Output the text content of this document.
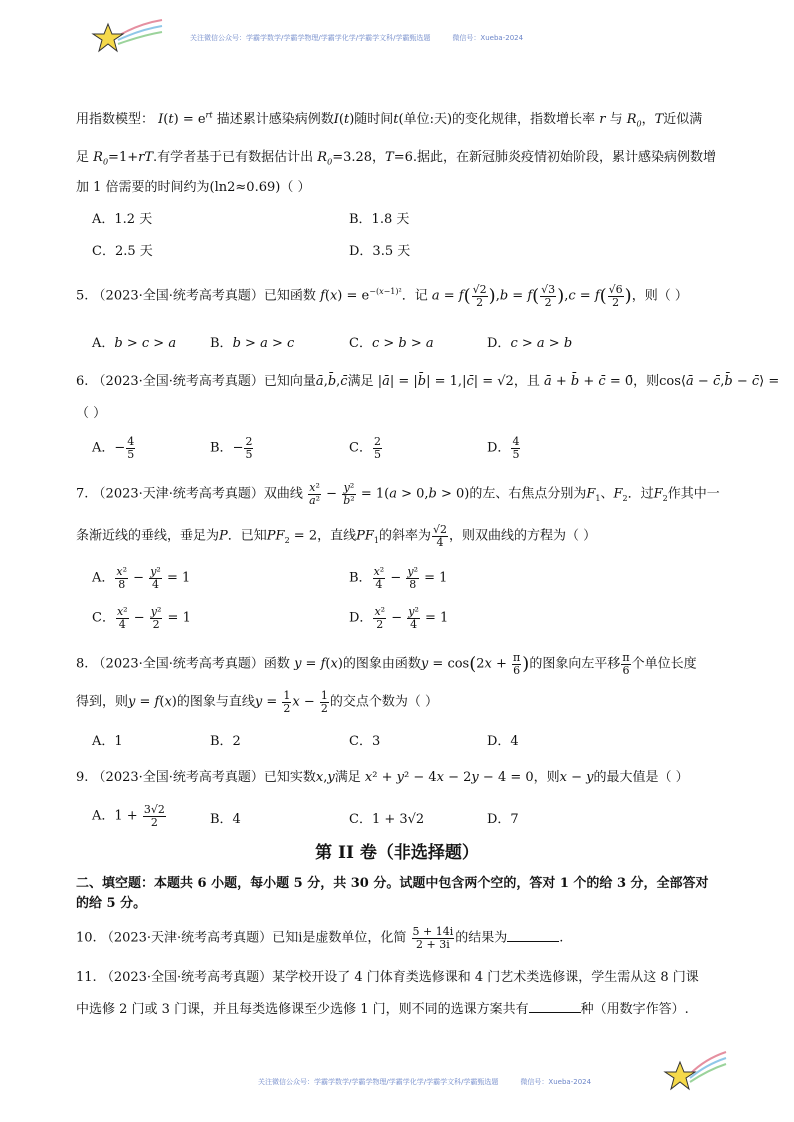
关注微信公众号：学霸学数学/学霸学物理/学霸学化学/学霸学文科/学霸甄选题	微信号：Xueba-2024
用指数模型： $I(t) = e^{rt}$ 描述累计感染病例数I(t)随时间t(单位:天)的变化规律，指数增长率 r 与 $R_0$，T近似满
足 $R_0=1+rT$.有学者基于已有数据估计出 $R_0=3.28$，T=6.据此，在新冠肺炎疫情初始阶段，累计感染病例数增
加 1 倍需要的时间约为(ln2≈0.69)（ ）
A．1.2 天	B．1.8 天
C．2.5 天	D．3.5 天
5. （2023·全国·统考高考真题）已知函数 $f(x) = e^{-(x-1)^2}$．记 $a = f( \frac{√2}{2} ),b = f( \frac{√3}{2} ),c = f( \frac{√6}{2}$ )，则（ ）
A．b > c > a	B．b > a > c	C．c > b > a	D．c > a > b
6. （2023·全国·统考高考真题）已知向量ā,b̄,c̄满足 |ā| = |b̄| = 1,|c̄| = √2，且 ā + b̄ + c̄ = 0̄，则cos⟨ā − c̄,b̄ − c̄⟩ =
（ ）
A．− $\frac{4}{5}$	B．− $\frac{2}{5}$	C． $\frac{2}{5}$	D． $\frac{4}{5}$
7. （2023·天津·统考高考真题）双曲线 $\frac{\text{x²}}{\text{a²}} - \frac{\text{y²}}{\text{b²}} = 1(a > 0,b > 0)$的左、右焦点分别为$F_1$、$F_2$．过$F_2$作其中一
条渐近线的垂线，垂足为P．已知$PF_2 = 2$，直线$PF_1$的斜率为 $\frac{√2}{4}$ ，则双曲线的方程为（ ）
A． $\frac{\text{x²}}{8} - \frac{\text{y²}}{4} = 1$	B． $\frac{\text{x²}}{4} - \frac{\text{y²}}{8} = 1$
C． $\frac{\text{x²}}{4} - \frac{\text{y²}}{2} = 1$	D． $\frac{\text{x²}}{2} - \frac{\text{y²}}{4} = 1$
8. （2023·全国·统考高考真题）函数 y = f(x)的图象由函数$y = \cos(2x + \frac{\pi}{6}$ )的图象向左平移 $\frac{\pi}{6}$ 个单位长度
得到，则y = f(x)的图象与直线$y = \frac{1}{2}$ $x - \frac{1}{2}$ 的交点个数为（ ）
A．1	B．2	C．3	D．4
9. （2023·全国·统考高考真题）已知实数x,y满足 x² + y² − 4x − 2y − 4 = 0，则x − y的最大值是（ ）
A．$1 + \frac{3√2}{2}$	B．4	C．1 + 3√2	D．7
第 II 卷（非选择题）
二、填空题：本题共 6 小题，每小题 5 分，共 30 分。试题中包含两个空的，答对 1 个的给 3 分，全部答对
的给 5 分。
10. （2023·天津·统考高考真题）已知i是虚数单位，化简 $\frac{5 + 14i}{2 + 3i}$ 的结果为	.
11. （2023·全国·统考高考真题）某学校开设了 4 门体育类选修课和 4 门艺术类选修课，学生需从这 8 门课
中选修 2 门或 3 门课，并且每类选修课至少选修 1 门，则不同的选课方案共有	种（用数字作答）.
关注微信公众号：学霸学数学/学霸学物理/学霸学化学/学霸学文科/学霸甄选题	微信号：Xueba-2024
